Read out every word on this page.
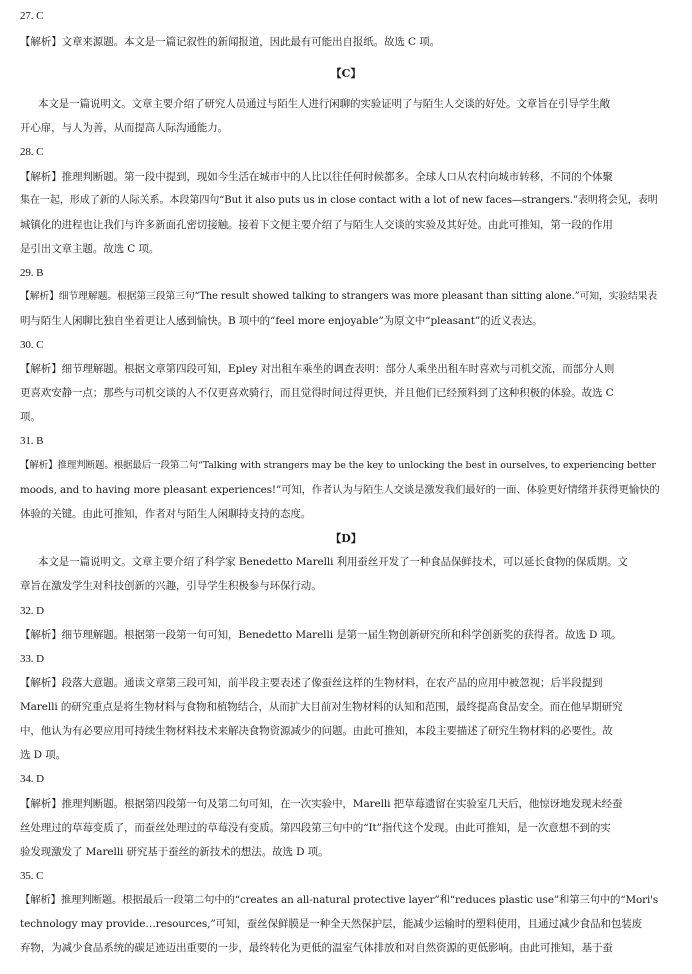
27. C
【解析】文章来源题。本文是一篇记叙性的新闻报道，因此最有可能出自报纸。故选 C 项。
【C】
本文是一篇说明文。文章主要介绍了研究人员通过与陌生人进行闲聊的实验证明了与陌生人交谈的好处。文章旨在引导学生敞
开心扉，与人为善，从而提高人际沟通能力。
28. C
【解析】推理判断题。第一段中提到，现如今生活在城市中的人比以往任何时候都多。全球人口从农村向城市转移，不同的个体聚
集在一起，形成了新的人际关系。本段第四句“But it also puts us in close contact with a lot of new faces—strangers.”表明将会见，表明
城镇化的进程也让我们与许多新面孔密切接触。接着下文便主要介绍了与陌生人交谈的实验及其好处。由此可推知，第一段的作用
是引出文章主题。故选 C 项。
29. B
【解析】细节理解题。根据第三段第三句“The result showed talking to strangers was more pleasant than sitting alone.”可知，实验结果表
明与陌生人闲聊比独自坐着更让人感到愉快。B 项中的“feel more enjoyable”为原文中“pleasant”的近义表达。
30. C
【解析】细节理解题。根据文章第四段可知，Epley 对出租车乘坐的调查表明：部分人乘坐出租车时喜欢与司机交流，而部分人则
更喜欢安静一点；那些与司机交谈的人不仅更喜欢骑行，而且觉得时间过得更快，并且他们已经预料到了这种积极的体验。故选 C
项。
31. B
【解析】推理判断题。根据最后一段第二句“Talking with strangers may be the key to unlocking the best in ourselves, to experiencing better
moods, and to having more pleasant experiences!”可知，作者认为与陌生人交谈是激发我们最好的一面、体验更好情绪并获得更愉快的
体验的关键。由此可推知，作者对与陌生人闲聊持支持的态度。
【D】
本文是一篇说明文。文章主要介绍了科学家 Benedetto Marelli 利用蚕丝开发了一种食品保鲜技术，可以延长食物的保质期。文
章旨在激发学生对科技创新的兴趣，引导学生积极参与环保行动。
32. D
【解析】细节理解题。根据第一段第一句可知，Benedetto Marelli 是第一届生物创新研究所和科学创新奖的获得者。故选 D 项。
33. D
【解析】段落大意题。通读文章第三段可知，前半段主要表述了像蚕丝这样的生物材料，在农产品的应用中被忽视；后半段提到
Marelli 的研究重点是将生物材料与食物和植物结合，从而扩大目前对生物材料的认知和范围，最终提高食品安全。而在他早期研究
中，他认为有必要应用可持续生物材料技术来解决食物资源减少的问题。由此可推知，本段主要描述了研究生物材料的必要性。故
选 D 项。
34. D
【解析】推理判断题。根据第四段第一句及第二句可知，在一次实验中，Marelli 把草莓遗留在实验室几天后，他惊讶地发现未经蚕
丝处理过的草莓变质了，而蚕丝处理过的草莓没有变质。第四段第三句中的“It”指代这个发现。由此可推知，是一次意想不到的实
验发现激发了 Marelli 研究基于蚕丝的新技术的想法。故选 D 项。
35. C
【解析】推理判断题。根据最后一段第二句中的“creates an all-natural protective layer”和“reduces plastic use”和第三句中的“Mori's
technology may provide…resources,”可知，蚕丝保鲜膜是一种全天然保护层，能减少运输时的塑料使用，且通过减少食品和包装废
弃物，为减少食品系统的碳足迹迈出重要的一步，最终转化为更低的温室气体排放和对自然资源的更低影响。由此可推知，基于蚕
